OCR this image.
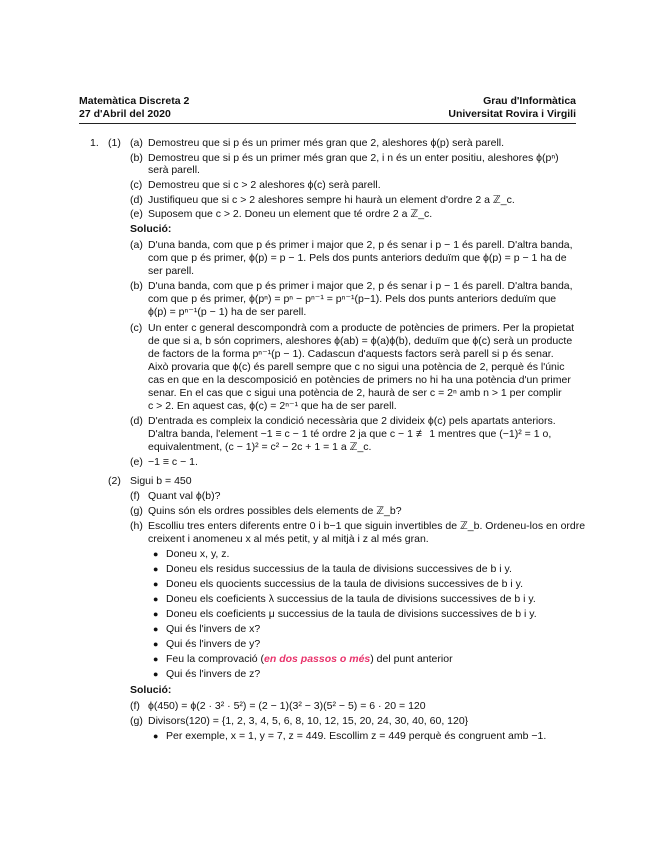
Matemàtica Discreta 2
27 d'Abril del 2020
Grau d'Informàtica
Universitat Rovira i Virgili
1. (1) (a) Demostreu que si p és un primer més gran que 2, aleshores ϕ(p) serà parell.
(b) Demostreu que si p és un primer més gran que 2, i n és un enter positiu, aleshores ϕ(pⁿ)
serà parell.
(c) Demostreu que si c > 2 aleshores ϕ(c) serà parell.
(d) Justifiqueu que si c > 2 aleshores sempre hi haurà un element d'ordre 2 a ℤ_c.
(e) Suposem que c > 2. Doneu un element que té ordre 2 a ℤ_c.
Solució:
(a) D'una banda, com que p és primer i major que 2, p és senar i p − 1 és parell. D'altra banda,
com que p és primer, ϕ(p) = p − 1. Pels dos punts anteriors deduïm que ϕ(p) = p − 1 ha de
ser parell.
(b) D'una banda, com que p és primer i major que 2, p és senar i p − 1 és parell. D'altra banda,
com que p és primer, ϕ(pⁿ) = pⁿ − pⁿ⁻¹ = pⁿ⁻¹(p−1). Pels dos punts anteriors deduïm que
ϕ(p) = pⁿ⁻¹(p − 1) ha de ser parell.
(c) Un enter c general descompondrà com a producte de potències de primers. Per la propietat
de que si a, b són coprimers, aleshores ϕ(ab) = ϕ(a)ϕ(b), deduïm que ϕ(c) serà un producte
de factors de la forma pⁿ⁻¹(p − 1). Cadascun d'aquests factors serà parell si p és senar.
Això provaria que ϕ(c) és parell sempre que c no sigui una potència de 2, perquè és l'únic
cas en que en la descomposició en potències de primers no hi ha una potència d'un primer
senar. En el cas que c sigui una potència de 2, haurà de ser c = 2ⁿ amb n > 1 per complir
c > 2. En aquest cas, ϕ(c) = 2ⁿ⁻¹ que ha de ser parell.
(d) D'entrada es compleix la condició necessària que 2 divideix ϕ(c) pels apartats anteriors.
D'altra banda, l'element −1 ≡ c − 1 té ordre 2 ja que c − 1 ≢ 1 mentres que (−1)² = 1 o,
equivalentment, (c − 1)² = c² − 2c + 1 = 1 a ℤ_c.
(e) −1 ≡ c − 1.
(2) Sigui b = 450
(f) Quant val ϕ(b)?
(g) Quins són els ordres possibles dels elements de ℤ_b?
(h) Escolliu tres enters diferents entre 0 i b−1 que siguin invertibles de ℤ_b. Ordeneu-los en ordre
creixent i anomeneu x al més petit, y al mitjà i z al més gran.
● Doneu x, y, z.
● Doneu els residus successius de la taula de divisions successives de b i y.
● Doneu els quocients successius de la taula de divisions successives de b i y.
● Doneu els coeficients λ successius de la taula de divisions successives de b i y.
● Doneu els coeficients μ successius de la taula de divisions successives de b i y.
● Qui és l'invers de x?
● Qui és l'invers de y?
● Feu la comprovació (en dos passos o més) del punt anterior
● Qui és l'invers de z?
Solució:
(f) ϕ(450) = ϕ(2 · 3² · 5²) = (2 − 1)(3² − 3)(5² − 5) = 6 · 20 = 120
(g) Divisors(120) = {1, 2, 3, 4, 5, 6, 8, 10, 12, 15, 20, 24, 30, 40, 60, 120}
● Per exemple, x = 1, y = 7, z = 449. Escollim z = 449 perquè és congruent amb −1.
